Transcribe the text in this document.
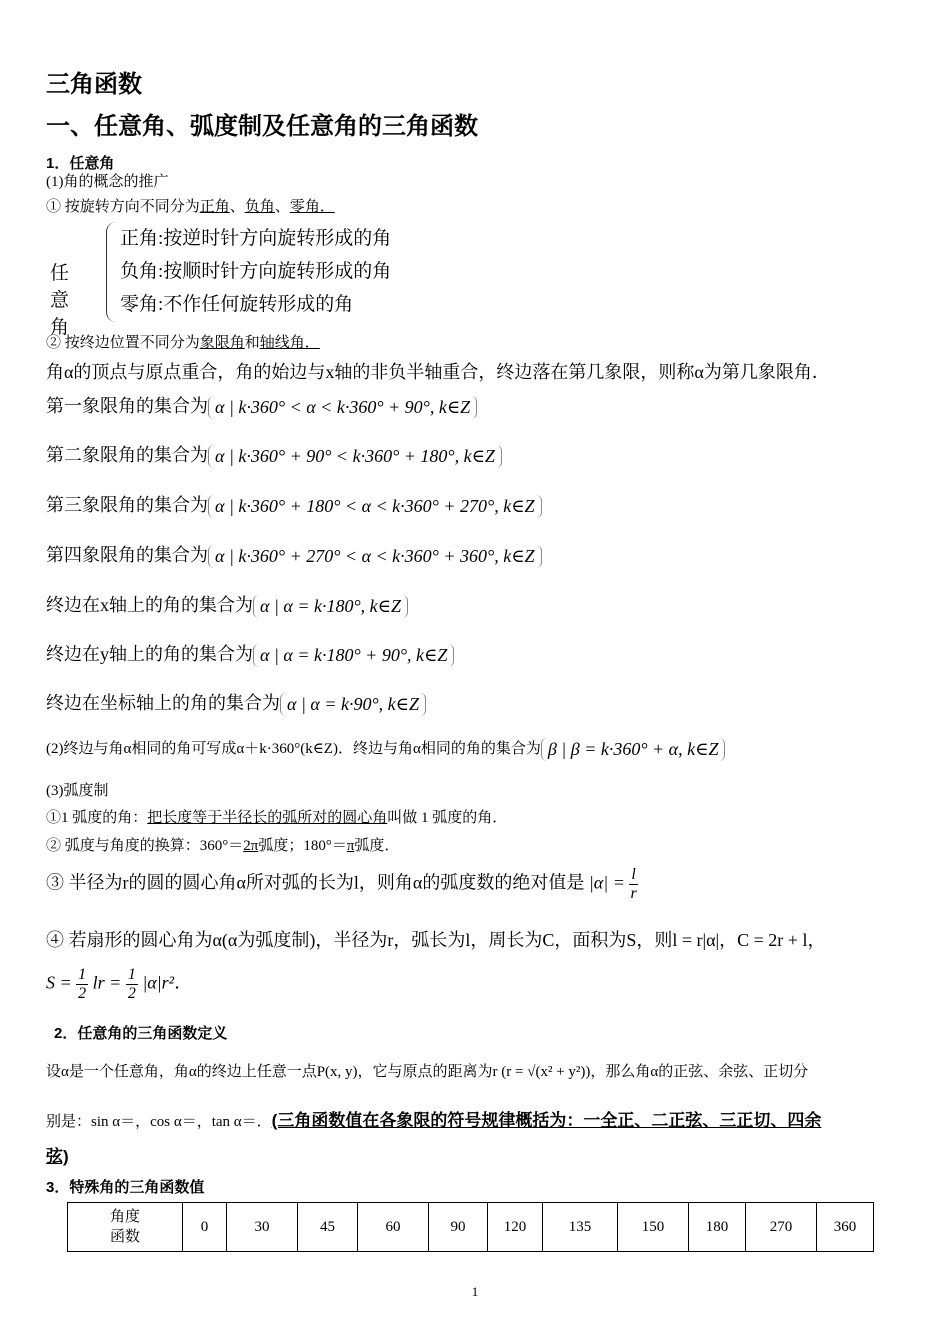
三角函数
一、任意角、弧度制及任意角的三角函数
1．任意角
(1)角的概念的推广
① 按旋转方向不同分为正角、负角、零角．
任意角
正角:按逆时针方向旋转形成的角
负角:按顺时针方向旋转形成的角
零角:不作任何旋转形成的角
② 按终边位置不同分为象限角和轴线角．
角α的顶点与原点重合，角的始边与x轴的非负半轴重合，终边落在第几象限，则称α为第几象限角．
第一象限角的集合为 α | k·360° < α < k·360° + 90°, k∈Z
第二象限角的集合为 α | k·360° + 90° < k·360° + 180°, k∈Z
第三象限角的集合为 α | k·360° + 180° < α < k·360° + 270°, k∈Z
第四象限角的集合为 α | k·360° + 270° < α < k·360° + 360°, k∈Z
终边在x轴上的角的集合为 α | α = k·180°, k∈Z
终边在y轴上的角的集合为 α | α = k·180° + 90°, k∈Z
终边在坐标轴上的角的集合为 α | α = k·90°, k∈Z
(2)终边与角α相同的角可写成α＋k·360°(k∈Z)．终边与角α相同的角的集合为 β | β = k·360° + α, k∈Z
(3)弧度制
①1 弧度的角：把长度等于半径长的弧所对的圆心角叫做 1 弧度的角．
② 弧度与角度的换算：360°＝2π弧度；180°＝π弧度．
③ 半径为r的圆的圆心角α所对弧的长为l，则角α的弧度数的绝对值是 $|\alpha| = \frac{l}{r}$
④ 若扇形的圆心角为α(α为弧度制)，半径为r，弧长为l，周长为C，面积为S，则l = r|α|，C = 2r + l，
$S = \frac{1}{2}$ lr = $\frac{1}{2} |\alpha|r^2$．
2．任意角的三角函数定义
设α是一个任意角，角α的终边上任意一点P(x, y)，它与原点的距离为r (r = √(x² + y²))，那么角α的正弦、余弦、正切分
别是：sin α＝，cos α＝，tan α＝．(三角函数值在各象限的符号规律概括为：一全正、二正弦、三正切、四余
弦)
3．特殊角的三角函数值
角度
函数
	0	30	45	60	90	120	135	150	180	270	360
1
